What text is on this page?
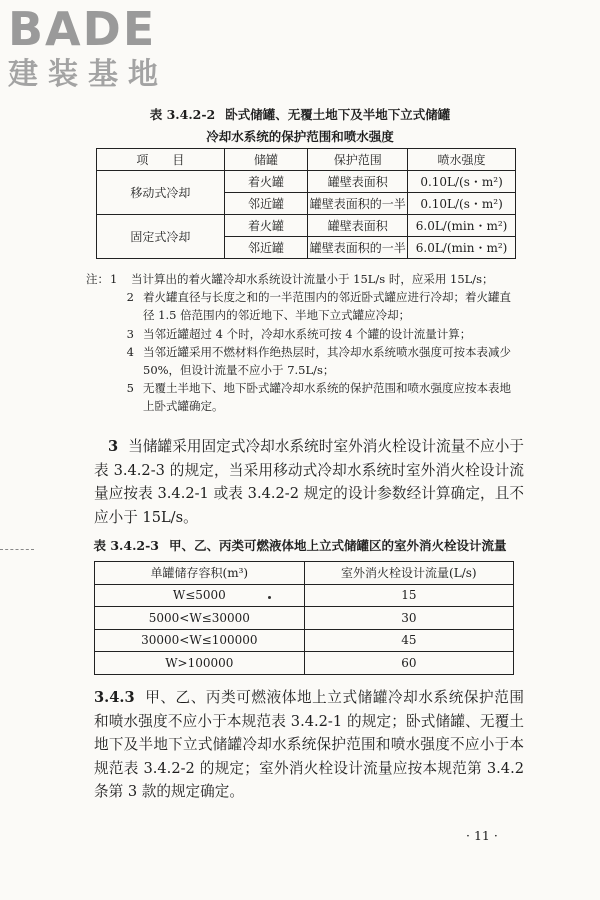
BADE
建装基地
表 3.4.2-2 卧式储罐、无覆土地下及半地下立式储罐
冷却水系统的保护范围和喷水强度
项　　目	储罐	保护范围	喷水强度
移动式冷却	着火罐	罐壁表面积	0.10L/(s・m²)
	邻近罐	罐壁表面积的一半	0.10L/(s・m²)
固定式冷却	着火罐	罐壁表面积	6.0L/(min・m²)
	邻近罐	罐壁表面积的一半	6.0L/(min・m²)
注： 1	当计算出的着火罐冷却水系统设计流量小于 15L/s 时，应采用 15L/s；
2 着火罐直径与长度之和的一半范围内的邻近卧式罐应进行冷却；着火罐直径 1.5 倍范围内的邻近地下、半地下立式罐应冷却；
3 当邻近罐超过 4 个时，冷却水系统可按 4 个罐的设计流量计算；
4 当邻近罐采用不燃材料作绝热层时，其冷却水系统喷水强度可按本表减少 50%，但设计流量不应小于 7.5L/s；
5 无覆土半地下、地下卧式罐冷却水系统的保护范围和喷水强度应按本表地上卧式罐确定。
3 当储罐采用固定式冷却水系统时室外消火栓设计流量不应小于表 3.4.2-3 的规定，当采用移动式冷却水系统时室外消火栓设计流量应按表 3.4.2-1 或表 3.4.2-2 规定的设计参数经计算确定，且不应小于 15L/s。
表 3.4.2-3 甲、乙、丙类可燃液体地上立式储罐区的室外消火栓设计流量
单罐储存容积(m³)	室外消火栓设计流量(L/s)
W≤5000	15
5000<W≤30000	30
30000<W≤100000	45
W>100000	60
3.4.3 甲、乙、丙类可燃液体地上立式储罐冷却水系统保护范围和喷水强度不应小于本规范表 3.4.2-1 的规定；卧式储罐、无覆土地下及半地下立式储罐冷却水系统保护范围和喷水强度不应小于本规范表 3.4.2-2 的规定；室外消火栓设计流量应按本规范第 3.4.2 条第 3 款的规定确定。
· 11 ·
